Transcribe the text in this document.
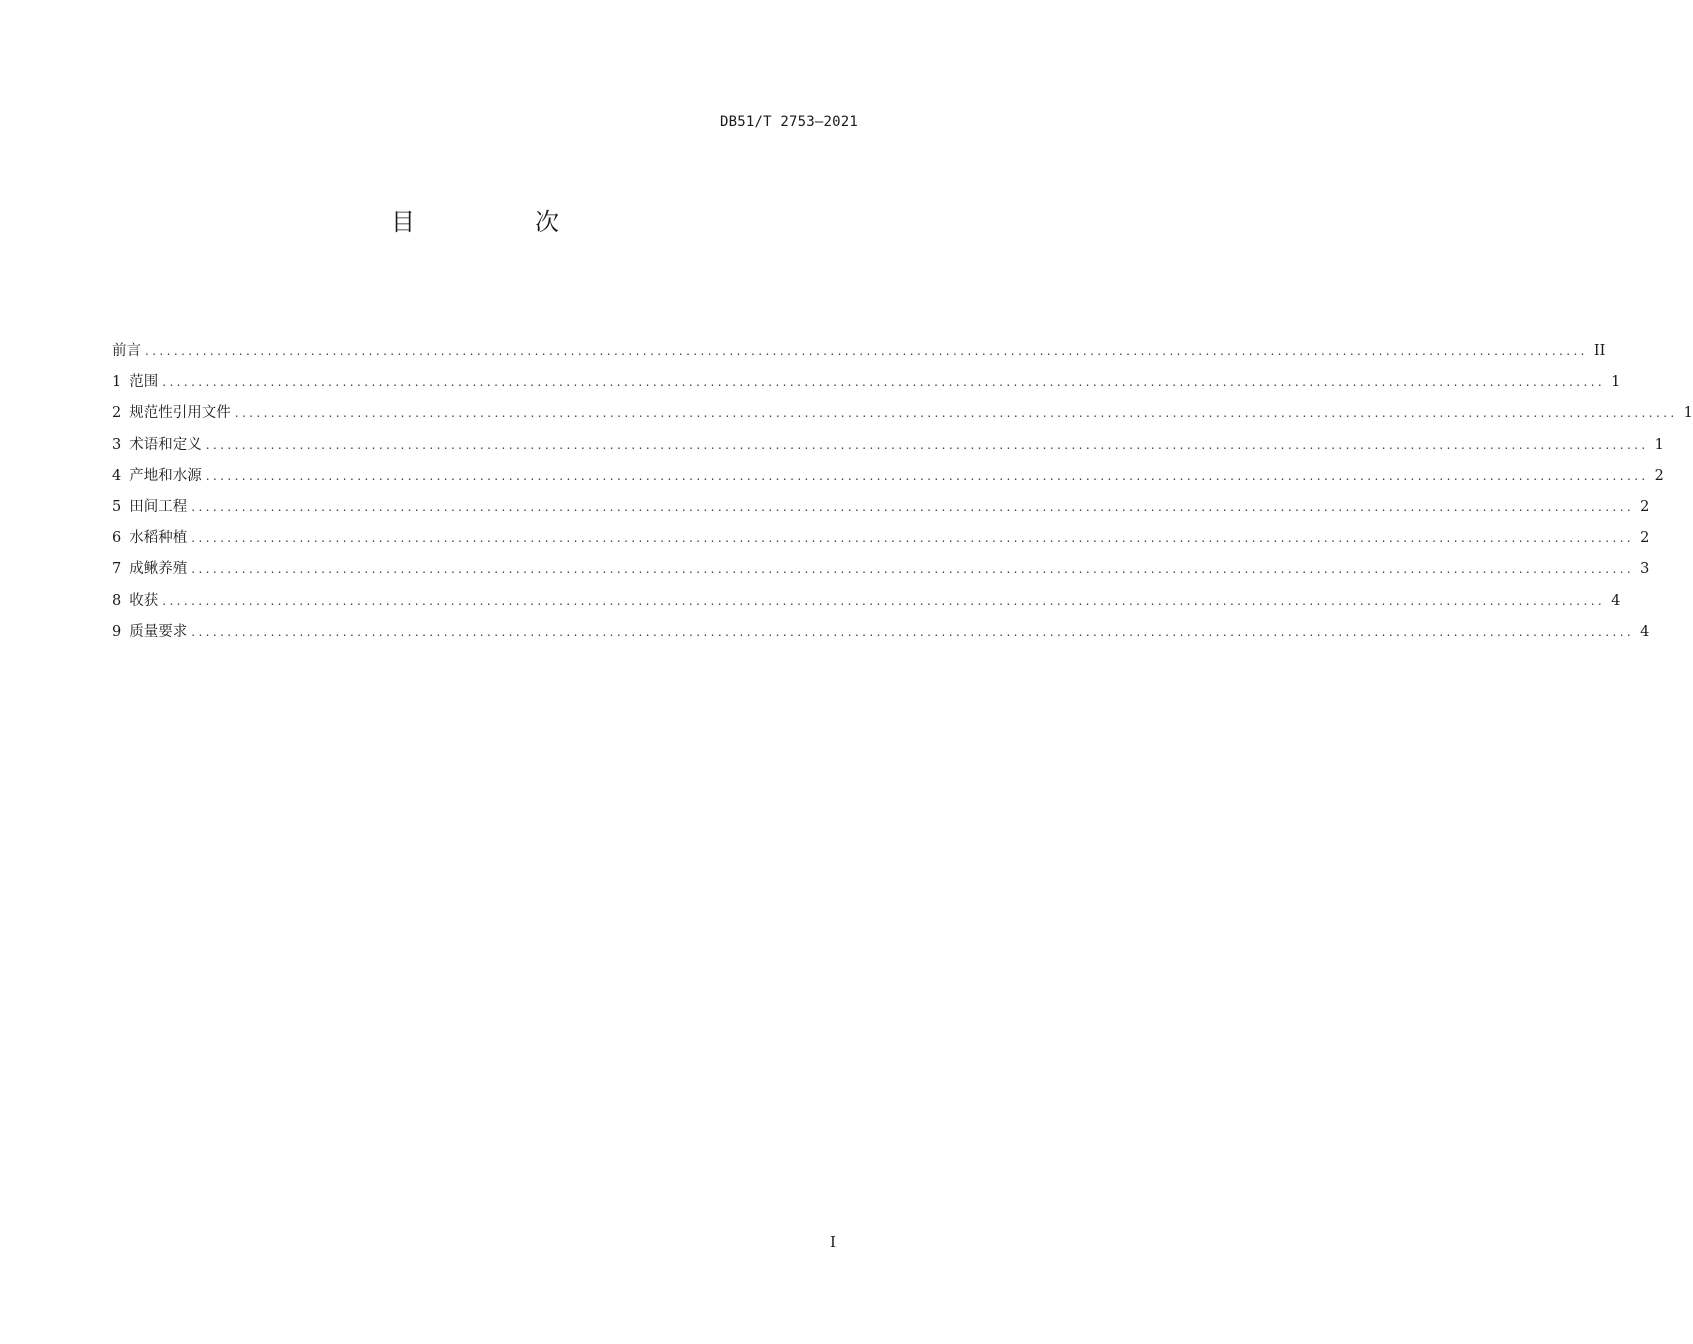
DB51/T 2753—2021
目　次
前言 ........................................................................................................................................................................................................ II
1 范围 ........................................................................................................................................................................................................ 1
2 规范性引用文件 ........................................................................................................................................................................................................ 1
3 术语和定义 ........................................................................................................................................................................................................ 1
4 产地和水源 ........................................................................................................................................................................................................ 2
5 田间工程 ........................................................................................................................................................................................................ 2
6 水稻种植 ........................................................................................................................................................................................................ 2
7 成鳅养殖 ........................................................................................................................................................................................................ 3
8 收获 ........................................................................................................................................................................................................ 4
9 质量要求 ........................................................................................................................................................................................................ 4
I
